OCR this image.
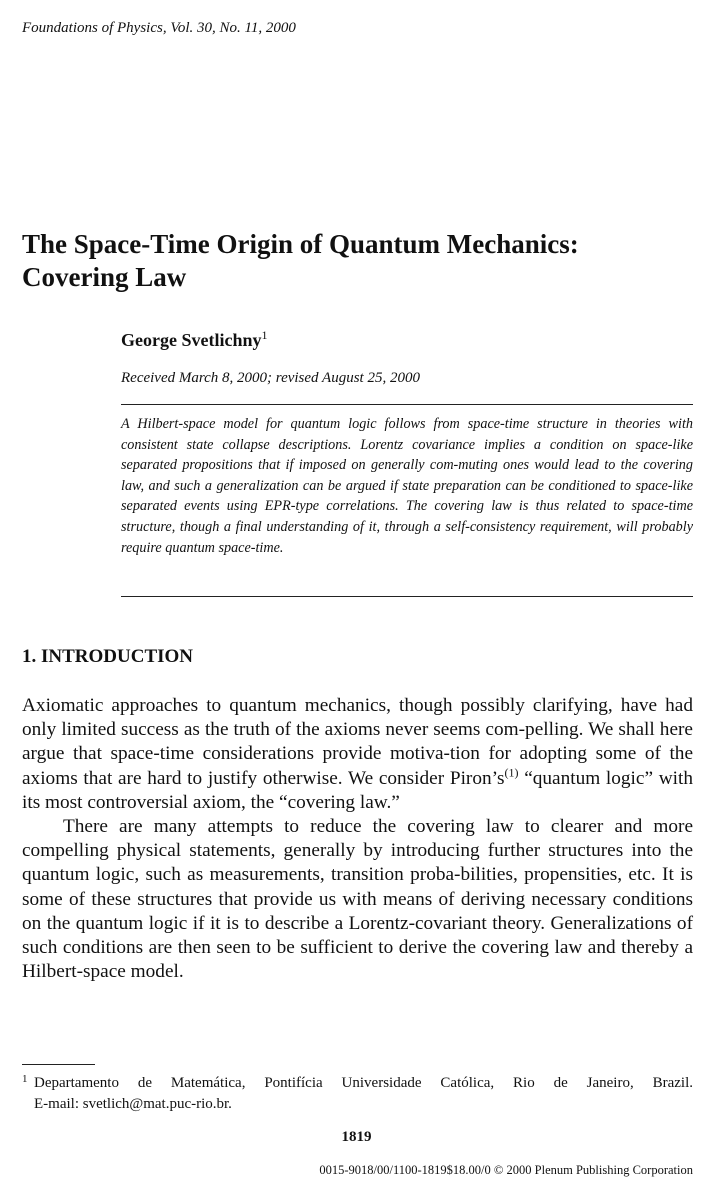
Foundations of Physics, Vol. 30, No. 11, 2000
The Space-Time Origin of Quantum Mechanics:
Covering Law
George Svetlichny$^1$
Received March 8, 2000; revised August 25, 2000
A Hilbert-space model for quantum logic follows from space-time structure in theories with consistent state collapse descriptions. Lorentz covariance implies a condition on space-like separated propositions that if imposed on generally com-muting ones would lead to the covering law, and such a generalization can be argued if state preparation can be conditioned to space-like separated events using EPR-type correlations. The covering law is thus related to space-time structure, though a final understanding of it, through a self-consistency requirement, will probably require quantum space-time.
1. INTRODUCTION

Axiomatic approaches to quantum mechanics, though possibly clarifying, have had only limited success as the truth of the axioms never seems com-pelling. We shall here argue that space-time considerations provide motiva-tion for adopting some of the axioms that are hard to justify otherwise. We consider $Piron’s^{(1)}$ “quantum logic” with its most controversial axiom, the “covering law.”

There are many attempts to reduce the covering law to clearer and more compelling physical statements, generally by introducing further structures into the quantum logic, such as measurements, transition proba-bilities, propensities, etc. It is some of these structures that provide us with means of deriving necessary conditions on the quantum logic if it is to describe a Lorentz-covariant theory. Generalizations of such conditions are then seen to be sufficient to derive the covering law and thereby a Hilbert-space model.

1 Departamento de Matemática, Pontifícia Universidade Católica, Rio de Janeiro, Brazil.
E-mail: svetlich@mat.puc-rio.br.
1819
0015-9018/00/1100-1819$18.00/0 © 2000 Plenum Publishing Corporation
